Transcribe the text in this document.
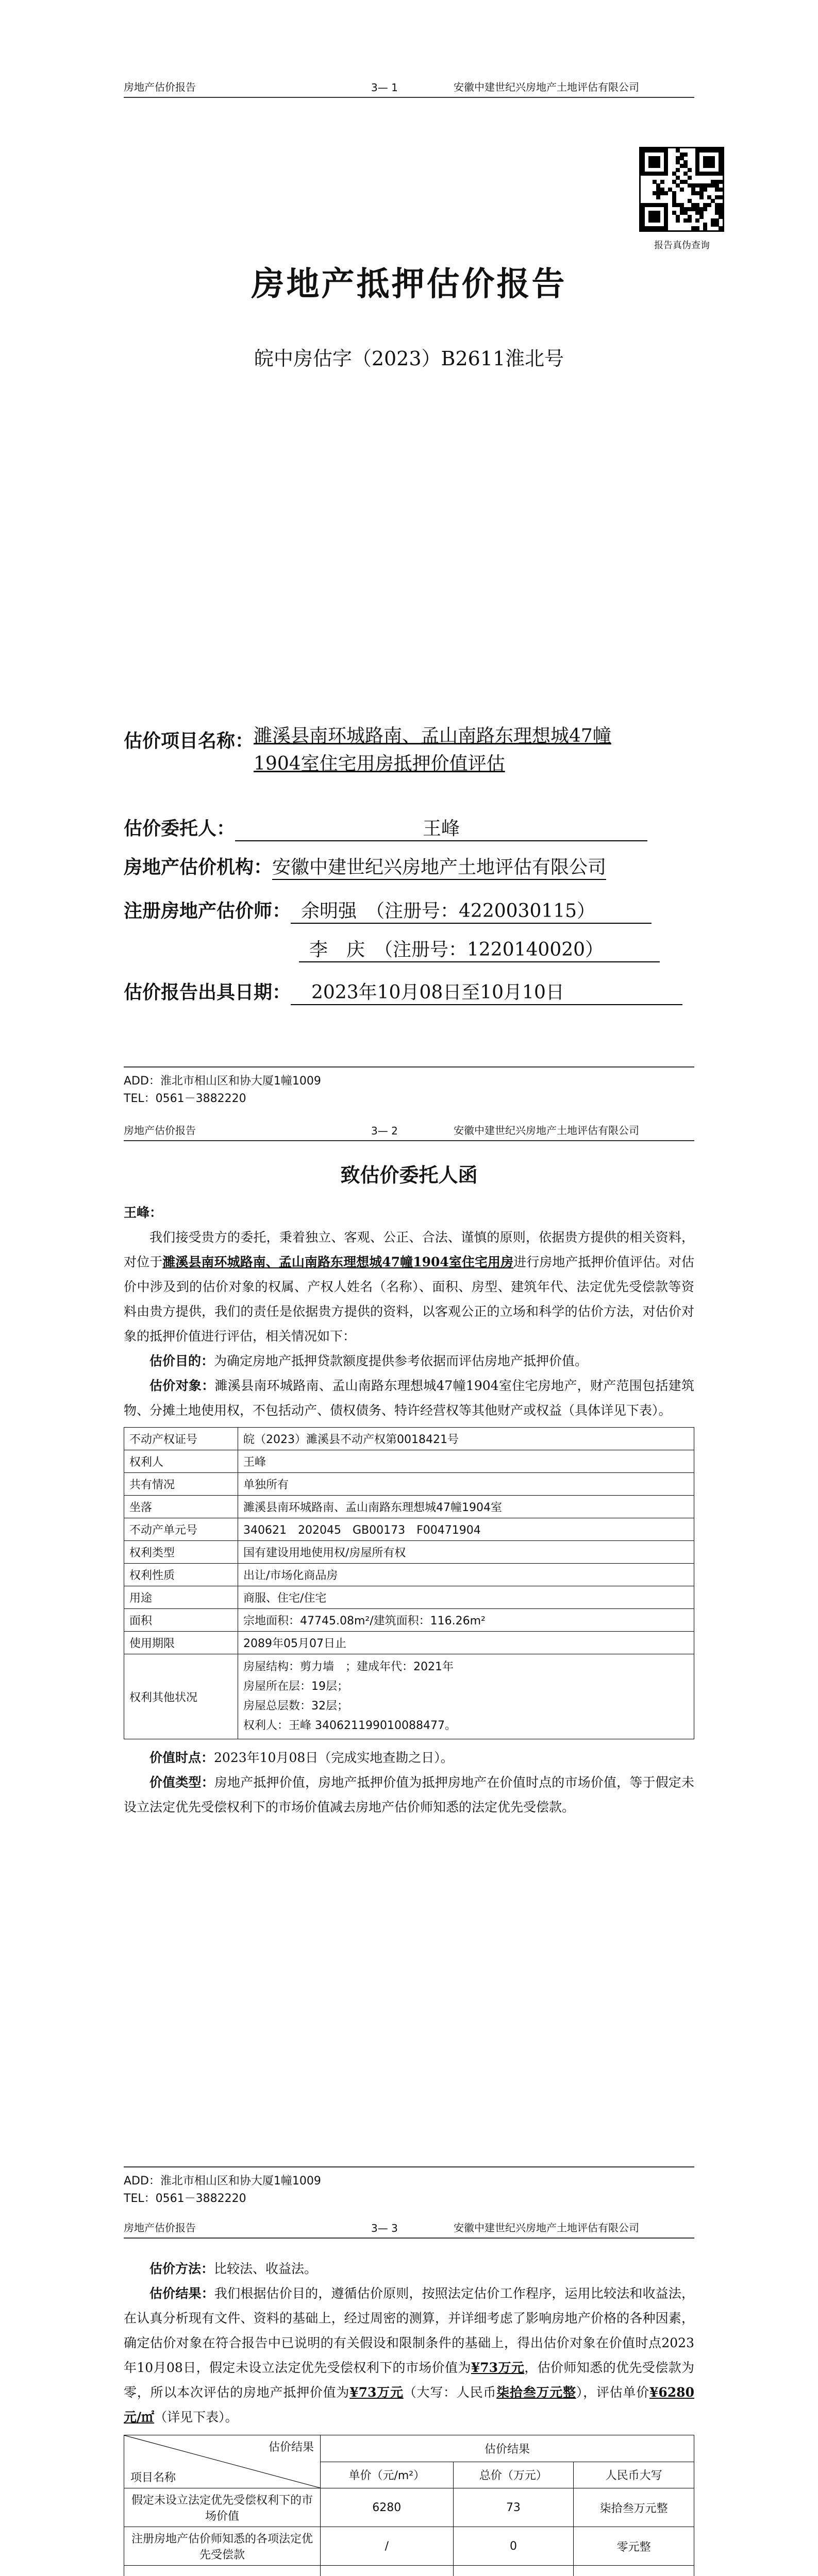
房地产估价报告	3— 1	安徽中建世纪兴房地产土地评估有限公司
报告真伪查询
房地产抵押估价报告
皖中房估字（2023）B2611淮北号
估价项目名称： 濉溪县南环城路南、孟山南路东理想城47幢
1904室住宅用房抵押价值评估
估价委托人：	王峰
房地产估价机构： 安徽中建世纪兴房地产土地评估有限公司
注册房地产估价师： 余明强　（注册号：4220030115）
李　庆　（注册号：1220140020）
估价报告出具日期：	2023年10月08日至10月10日
ADD：淮北市相山区和协大厦1幢1009
TEL：0561－3882220
房地产估价报告	3— 2	安徽中建世纪兴房地产土地评估有限公司
致估价委托人函
王峰：

我们接受贵方的委托，秉着独立、客观、公正、合法、谨慎的原则，依据贵方提供的相关资料，对位于濉溪县南环城路南、孟山南路东理想城47幢1904室住宅用房进行房地产抵押价值评估。对估价中涉及到的估价对象的权属、产权人姓名（名称）、面积、房型、建筑年代、法定优先受偿款等资料由贵方提供，我们的责任是依据贵方提供的资料，以客观公正的立场和科学的估价方法，对估价对象的抵押价值进行评估，相关情况如下：

估价目的：为确定房地产抵押贷款额度提供参考依据而评估房地产抵押价值。

估价对象：濉溪县南环城路南、孟山南路东理想城47幢1904室住宅房地产，财产范围包括建筑物、分摊土地使用权，不包括动产、债权债务、特许经营权等其他财产或权益（具体详见下表）。

不动产权证号	皖（2023）濉溪县不动产权第0018421号
权利人	王峰
共有情况	单独所有
坐落	濉溪县南环城路南、孟山南路东理想城47幢1904室
不动产单元号	340621　202045　GB00173　F00471904
权利类型	国有建设用地使用权/房屋所有权
权利性质	出让/市场化商品房
用途	商服、住宅/住宅
面积	宗地面积：47745.08m²/建筑面积：116.26m²
使用期限	2089年05月07日止
权利其他状况	房屋结构：剪力墙　；建成年代：2021年
房屋所在层：19层；
房屋总层数：32层；
权利人：王峰 340621199010088477。

价值时点：2023年10月08日（完成实地查勘之日）。

价值类型：房地产抵押价值，房地产抵押价值为抵押房地产在价值时点的市场价值，等于假定未设立法定优先受偿权利下的市场价值减去房地产估价师知悉的法定优先受偿款。

ADD：淮北市相山区和协大厦1幢1009
TEL：0561－3882220
房地产估价报告	3— 3	安徽中建世纪兴房地产土地评估有限公司

估价方法：比较法、收益法。

估价结果：我们根据估价目的，遵循估价原则，按照法定估价工作程序，运用比较法和收益法，在认真分析现有文件、资料的基础上，经过周密的测算，并详细考虑了影响房地产价格的各种因素，确定估价对象在符合报告中已说明的有关假设和限制条件的基础上，得出估价对象在价值时点2023年10月08日，假定未设立法定优先受偿权利下的市场价值为¥73万元，估价师知悉的优先受偿款为零，所以本次评估的房地产抵押价值为¥73万元（大写：人民币柒拾叁万元整），评估单价¥6280元/㎡（详见下表）。

估价结果
项目名称	估价结果		
	单价（元/m²）	总价（万元）	人民币大写
假定未设立法定优先受偿权利下的市场价值	6280	73	柒拾叁万元整
注册房地产估价师知悉的各项法定优先受偿款	/	0	零元整
